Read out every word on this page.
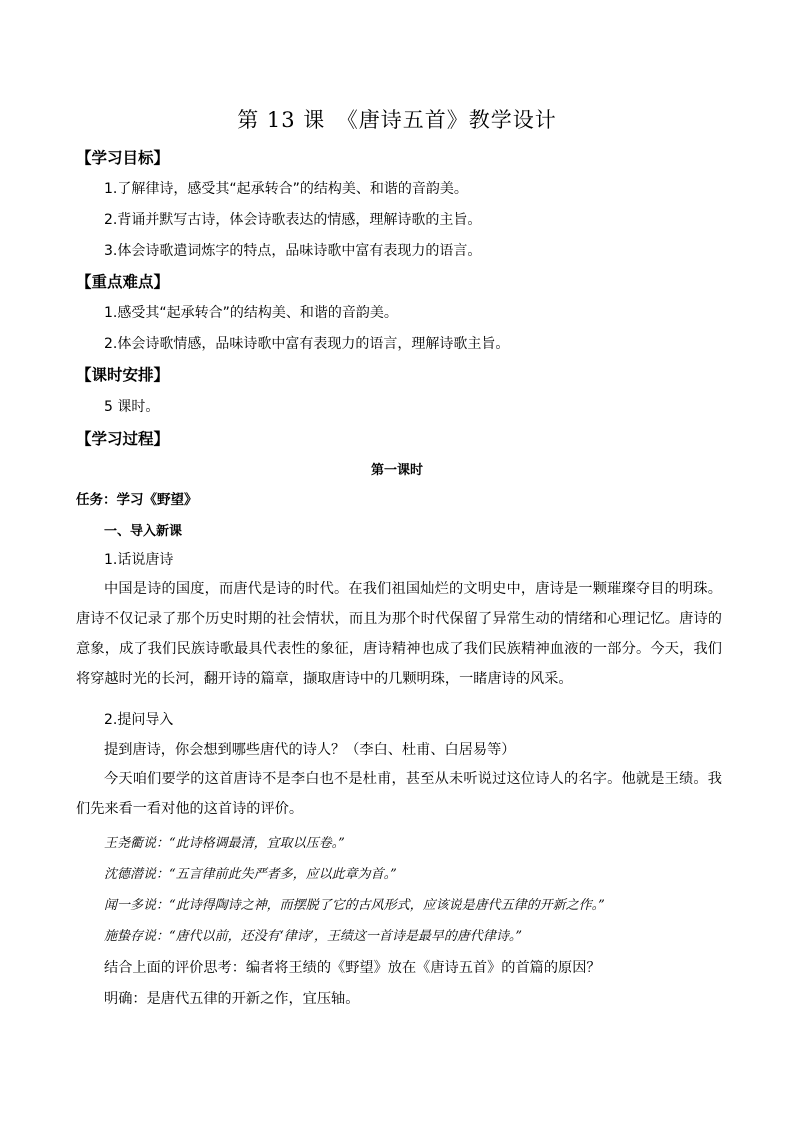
第 13 课　《唐诗五首》教学设计
【学习目标】
1.了解律诗，感受其“起承转合”的结构美、和谐的音韵美。
2.背诵并默写古诗，体会诗歌表达的情感，理解诗歌的主旨。
3.体会诗歌遣词炼字的特点，品味诗歌中富有表现力的语言。
【重点难点】
1.感受其“起承转合”的结构美、和谐的音韵美。
2.体会诗歌情感，品味诗歌中富有表现力的语言，理解诗歌主旨。
【课时安排】
5 课时。
【学习过程】
第一课时
任务：学习《野望》
一、导入新课
1.话说唐诗
中国是诗的国度，而唐代是诗的时代。在我们祖国灿烂的文明史中，唐诗是一颗璀璨夺目的明珠。唐诗不仅记录了那个历史时期的社会情状，而且为那个时代保留了异常生动的情绪和心理记忆。唐诗的意象，成了我们民族诗歌最具代表性的象征，唐诗精神也成了我们民族精神血液的一部分。今天，我们将穿越时光的长河，翻开诗的篇章，撷取唐诗中的几颗明珠，一睹唐诗的风采。
2.提问导入
提到唐诗，你会想到哪些唐代的诗人？（李白、杜甫、白居易等）
今天咱们要学的这首唐诗不是李白也不是杜甫，甚至从未听说过这位诗人的名字。他就是王绩。我们先来看一看对他的这首诗的评价。
王尧衢说：“此诗格调最清，宜取以压卷。”
沈德潜说：“五言律前此失严者多，应以此章为首。”
闻一多说：“此诗得陶诗之神，而摆脱了它的古风形式，应该说是唐代五律的开新之作。”
施蛰存说：“唐代以前，还没有‘律诗’，王绩这一首诗是最早的唐代律诗。”
结合上面的评价思考：编者将王绩的《野望》放在《唐诗五首》的首篇的原因？
明确：是唐代五律的开新之作，宜压轴。
